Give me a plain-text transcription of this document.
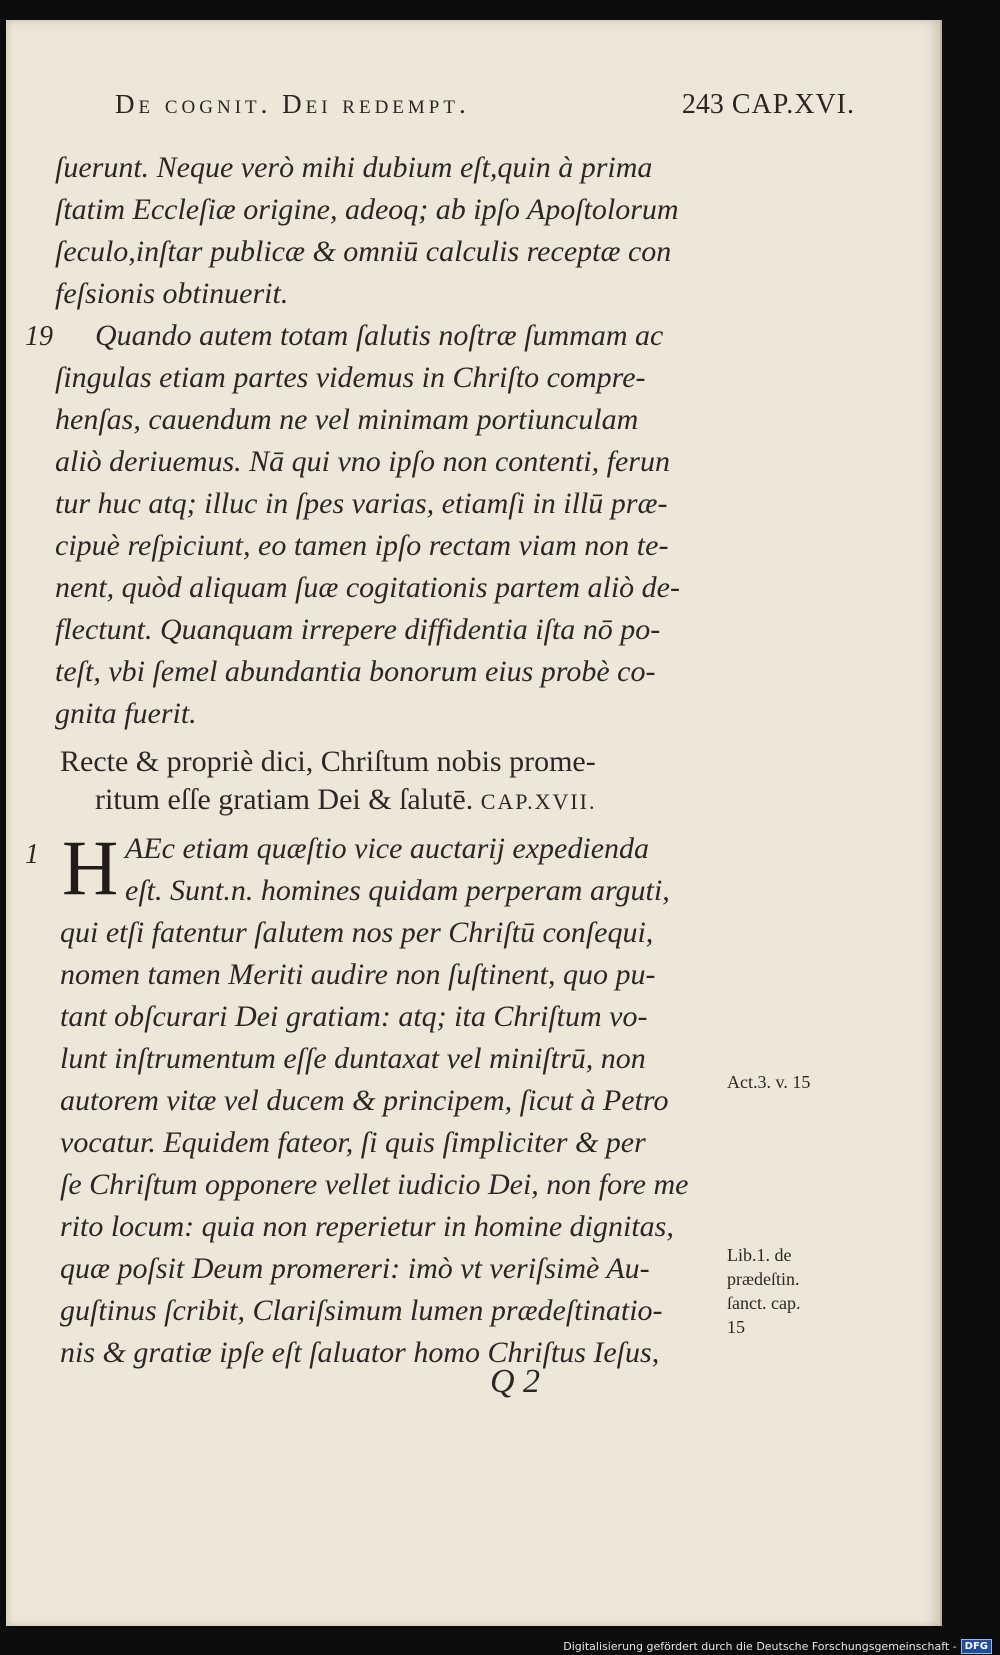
De cognit. Dei redempt.	243 CAP.XVI.
ſuerunt. Neque verò mihi dubium eſt,quin à prima
ſtatim Eccleſiæ origine, adeoq; ab ipſo Apoſtolorum
ſeculo,inſtar publicæ & omniū calculis receptæ con
feſsionis obtinuerit.
19 Quando autem totam ſalutis noſtræ ſummam ac
ſingulas etiam partes videmus in Chriſto compre-
henſas, cauendum ne vel minimam portiunculam
aliò deriuemus. Nā qui vno ipſo non contenti, ferun
tur huc atq; illuc in ſpes varias, etiamſi in illū præ-
cipuè reſpiciunt, eo tamen ipſo rectam viam non te-
nent, quòd aliquam ſuæ cogitationis partem aliò de-
flectunt. Quanquam irrepere diffidentia iſta nō po-
teſt, vbi ſemel abundantia bonorum eius probè co-
gnita fuerit.
Recte & propriè dici, Chriſtum nobis prome-
ritum eſſe gratiam Dei & ſalutē. CAP.XVII.
1 H AEc etiam quæſtio vice auctarij expedienda
eſt. Sunt.n. homines quidam perperam arguti,
qui etſi fatentur ſalutem nos per Chriſtū conſequi,
nomen tamen Meriti audire non ſuſtinent, quo pu-
tant obſcurari Dei gratiam: atq; ita Chriſtum vo-
lunt inſtrumentum eſſe duntaxat vel miniſtrū, non
autorem vitæ vel ducem & principem, ſicut à Petro
vocatur. Equidem fateor, ſi quis ſimpliciter & per
ſe Chriſtum opponere vellet iudicio Dei, non fore me
rito locum: quia non reperietur in homine dignitas,
quæ poſsit Deum promereri: imò vt veriſsimè Au-
guſtinus ſcribit, Clariſsimum lumen prædeſtinatio-
nis & gratiæ ipſe eſt ſaluator homo Chriſtus Ieſus,
Act.3. v. 15
Lib.1. de
prædeſtin.
ſanct. cap.
15
Q 2
Digitalisierung gefördert durch die Deutsche Forschungsgemeinschaft - DFG
